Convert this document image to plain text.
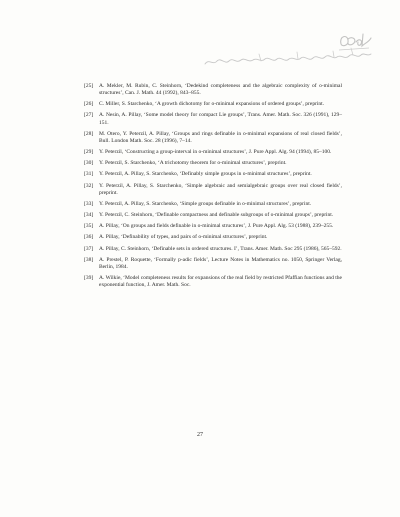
[25]	A. Mekler, M. Rubin, C. Steinhorn, ‘Dedekind completeness and the algebraic complexity of o-minimal structures’, Can. J. Math. 44 (1992), 843–855.
[26]	C. Miller, S. Starchenko, ‘A growth dichotomy for o-minimal expansions of ordered groups’, preprint.
[27]	A. Nesin, A. Pillay, ‘Some model theory for compact Lie groups’, Trans. Amer. Math. Soc. 326 (1991), 129–151.
[28]	M. Otero, Y. Peterzil, A. Pillay, ‘Groups and rings definable in o-minimal expansions of real closed fields’, Bull. London Math. Soc. 28 (1996), 7–14.
[29]	Y. Peterzil, ‘Constructing a group-interval in o-minimal structures’, J. Pure Appl. Alg. 94 (1994), 85–100.
[30]	Y. Peterzil, S. Starchenko, ‘A trichotomy theorem for o-minimal structures’, preprint.
[31]	Y. Peterzil, A. Pillay, S. Starchenko, ‘Definably simple groups in o-minimal structures’, preprint.
[32]	Y. Peterzil, A. Pillay, S. Starchenko, ‘Simple algebraic and semialgebraic groups over real closed fields’, preprint.
[33]	Y. Peterzil, A. Pillay, S. Starchenko, ‘Simple groups definable in o-minimal structures’, preprint.
[34]	Y. Peterzil, C. Steinhorn, ‘Definable compactness and definable subgroups of o-minimal groups’, preprint.
[35]	A. Pillay, ‘On groups and fields definable in o-minimal structures’, J. Pure Appl. Alg. 53 (1988), 239–255.
[36]	A. Pillay, ‘Definability of types, and pairs of o-minimal structures’, preprint.
[37]	A. Pillay, C. Steinhorn, ‘Definable sets in ordered structures. I’, Trans. Amer. Math. Soc 295 (1986), 565–592.
[38]	A. Prestel, P. Roquette, ‘Formally p-adic fields’, Lecture Notes in Mathematics no. 1050, Springer Verlag, Berlin, 1984.
[39]	A. Wilkie, ‘Model completeness results for expansions of the real field by restricted Pfaffian functions and the exponential function, J. Amer. Math. Soc.
27
